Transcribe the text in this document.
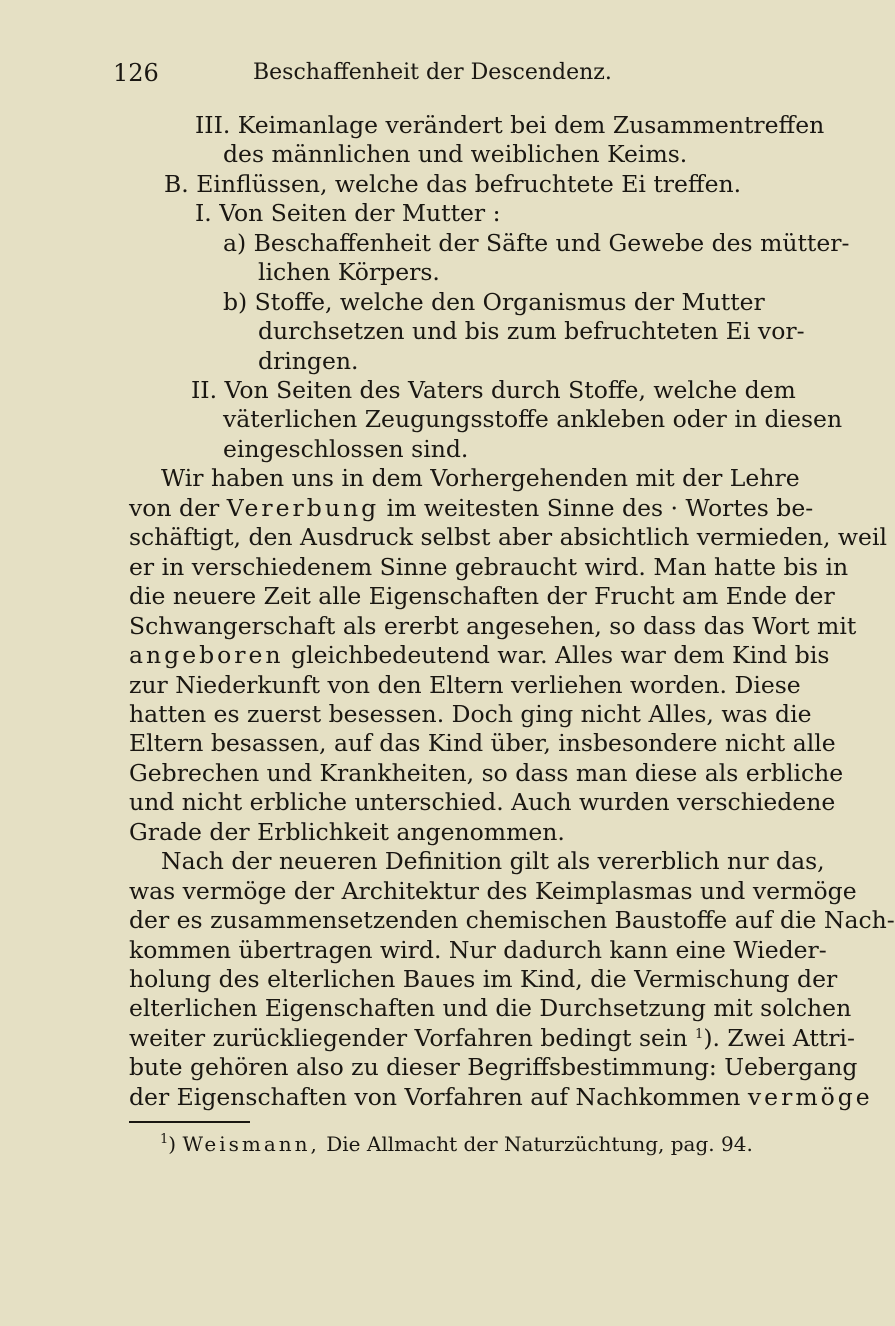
126	Beschaffenheit der Descendenz.
III. Keimanlage verändert bei dem Zusammentreffen
des männlichen und weiblichen Keims.
B. Einflüssen, welche das befruchtete Ei treffen.
I. Von Seiten der Mutter :
a) Beschaffenheit der Säfte und Gewebe des mütter-
lichen Körpers.
b) Stoffe, welche den Organismus der Mutter
durchsetzen und bis zum befruchteten Ei vor-
dringen.
II. Von Seiten des Vaters durch Stoffe, welche dem
väterlichen Zeugungsstoffe ankleben oder in diesen
eingeschlossen sind.
Wir haben uns in dem Vorhergehenden mit der Lehre
von der Vererbung im weitesten Sinne des · Wortes be-
schäftigt, den Ausdruck selbst aber absichtlich vermieden, weil
er in verschiedenem Sinne gebraucht wird. Man hatte bis in
die neuere Zeit alle Eigenschaften der Frucht am Ende der
Schwangerschaft als ererbt angesehen, so dass das Wort mit
angeboren gleichbedeutend war. Alles war dem Kind bis
zur Niederkunft von den Eltern verliehen worden. Diese
hatten es zuerst besessen. Doch ging nicht Alles, was die
Eltern besassen, auf das Kind über, insbesondere nicht alle
Gebrechen und Krankheiten, so dass man diese als erbliche
und nicht erbliche unterschied. Auch wurden verschiedene
Grade der Erblichkeit angenommen.
Nach der neueren Definition gilt als vererblich nur das,
was vermöge der Architektur des Keimplasmas und vermöge
der es zusammensetzenden chemischen Baustoffe auf die Nach-
kommen übertragen wird. Nur dadurch kann eine Wieder-
holung des elterlichen Baues im Kind, die Vermischung der
elterlichen Eigenschaften und die Durchsetzung mit solchen
weiter zurückliegender Vorfahren bedingt sein $^1$). Zwei Attri-
bute gehören also zu dieser Begriffsbestimmung: Uebergang
der Eigenschaften von Vorfahren auf Nachkommen vermöge
$^1$) Weismann, Die Allmacht der Naturzüchtung, pag. 94.
